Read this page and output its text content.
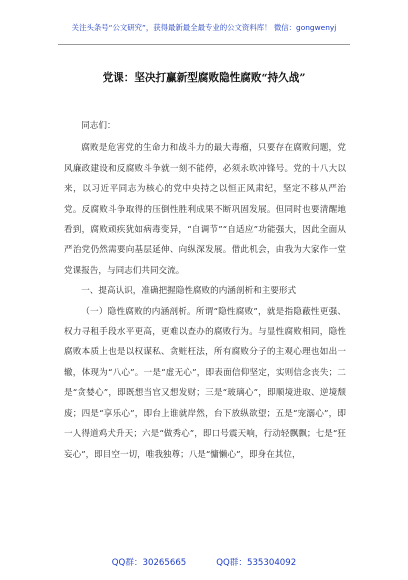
关注头条号“公文研究”，获得最新最全最专业的公文资料库！ 微信：gongwenyj
党课：坚决打赢新型腐败隐性腐败“持久战”

同志们：

腐败是危害党的生命力和战斗力的最大毒瘤，只要存在腐败问题，党风廉政建设和反腐败斗争就一刻不能停，必须永吹冲锋号。党的十八大以来，以习近平同志为核心的党中央持之以恒正风肃纪，坚定不移从严治党。反腐败斗争取得的压倒性胜利成果不断巩固发展。但同时也要清醒地看到，腐败顽疾犹如病毒变异，“自调节”“自适应”功能强大，因此全面从严治党仍然需要向基层延伸、向纵深发展。借此机会，由我为大家作一堂党课报告，与同志们共同交流。

一、提高认识，准确把握隐性腐败的内涵剖析和主要形式

（一）隐性腐败的内涵剖析。所谓“隐性腐败”，就是指隐蔽性更强、权力寻租手段水平更高，更难以查办的腐败行为。与显性腐败相同，隐性腐败本质上也是以权谋私、贪赃枉法，所有腐败分子的主观心理也如出一辙，体现为“八心”。一是“虚无心”，即表面信仰坚定，实则信念丧失；二是“贪婪心”，即既想当官又想发财；三是“玻璃心”，即顺境进取、逆境颓废；四是“享乐心”，即台上谁就岸然，台下放纵欲望；五是“宠溺心”，即一人得道鸡犬升天；六是“做秀心”，即口号震天响，行动轻飘飘；七是“狂妄心”，即目空一切，唯我独尊；八是“慵懒心”，即身在其位，

QQ群：30265665	QQ群：535304092
